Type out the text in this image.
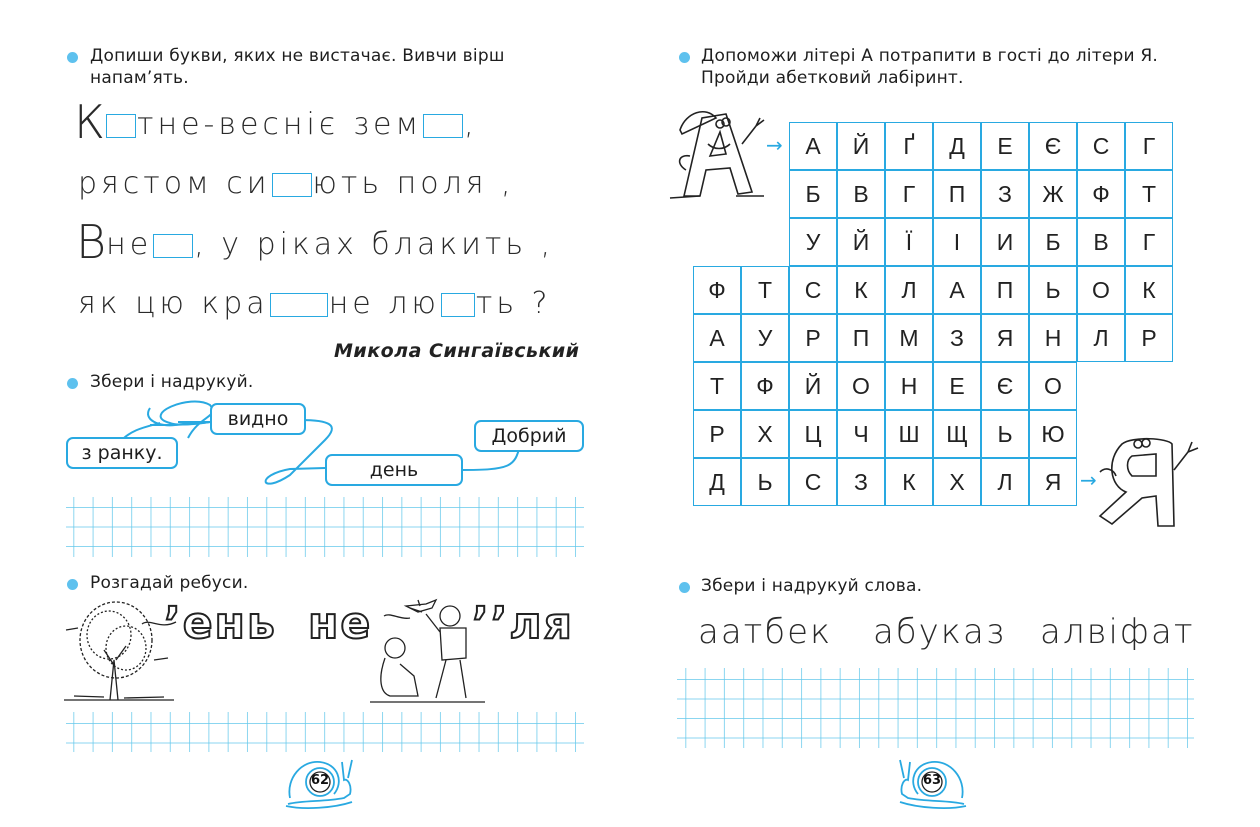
Допиши букви, яких не вистачає. Вивчи вірш
напам’ять.
К тне-весніє зем ,
рястом си ють поля ,
В не , у ріках блакить ,
як цю кра не лю ть ?
Микола Сингаївський
Збери і надрукуй.
видно
з ранку.
Добрий
день
Розгадай ребуси.
’ень не ’’ля
62
Допоможи літері А потрапити в гості до літери Я.
Пройди абетковий лабіринт.
→ А	Й	Ґ	Д	Е	Є	С	Г
Б	В	Г	П	З	Ж	Ф	Т
У	Й	Ї	І	И	Б	В	Г
Ф	Т	С	К	Л	А	П	Ь	О	К
А	У	Р	П	М	З	Я	Н	Л	Р
Т	Ф	Й	О	Н	Е	Є	О
Р	Х	Ц	Ч	Ш	Щ	Ь	Ю
Д	Ь	С	З	К	Х	Л	Я →
Збери і надрукуй слова.
аатбек абуказ алвіфат
63
